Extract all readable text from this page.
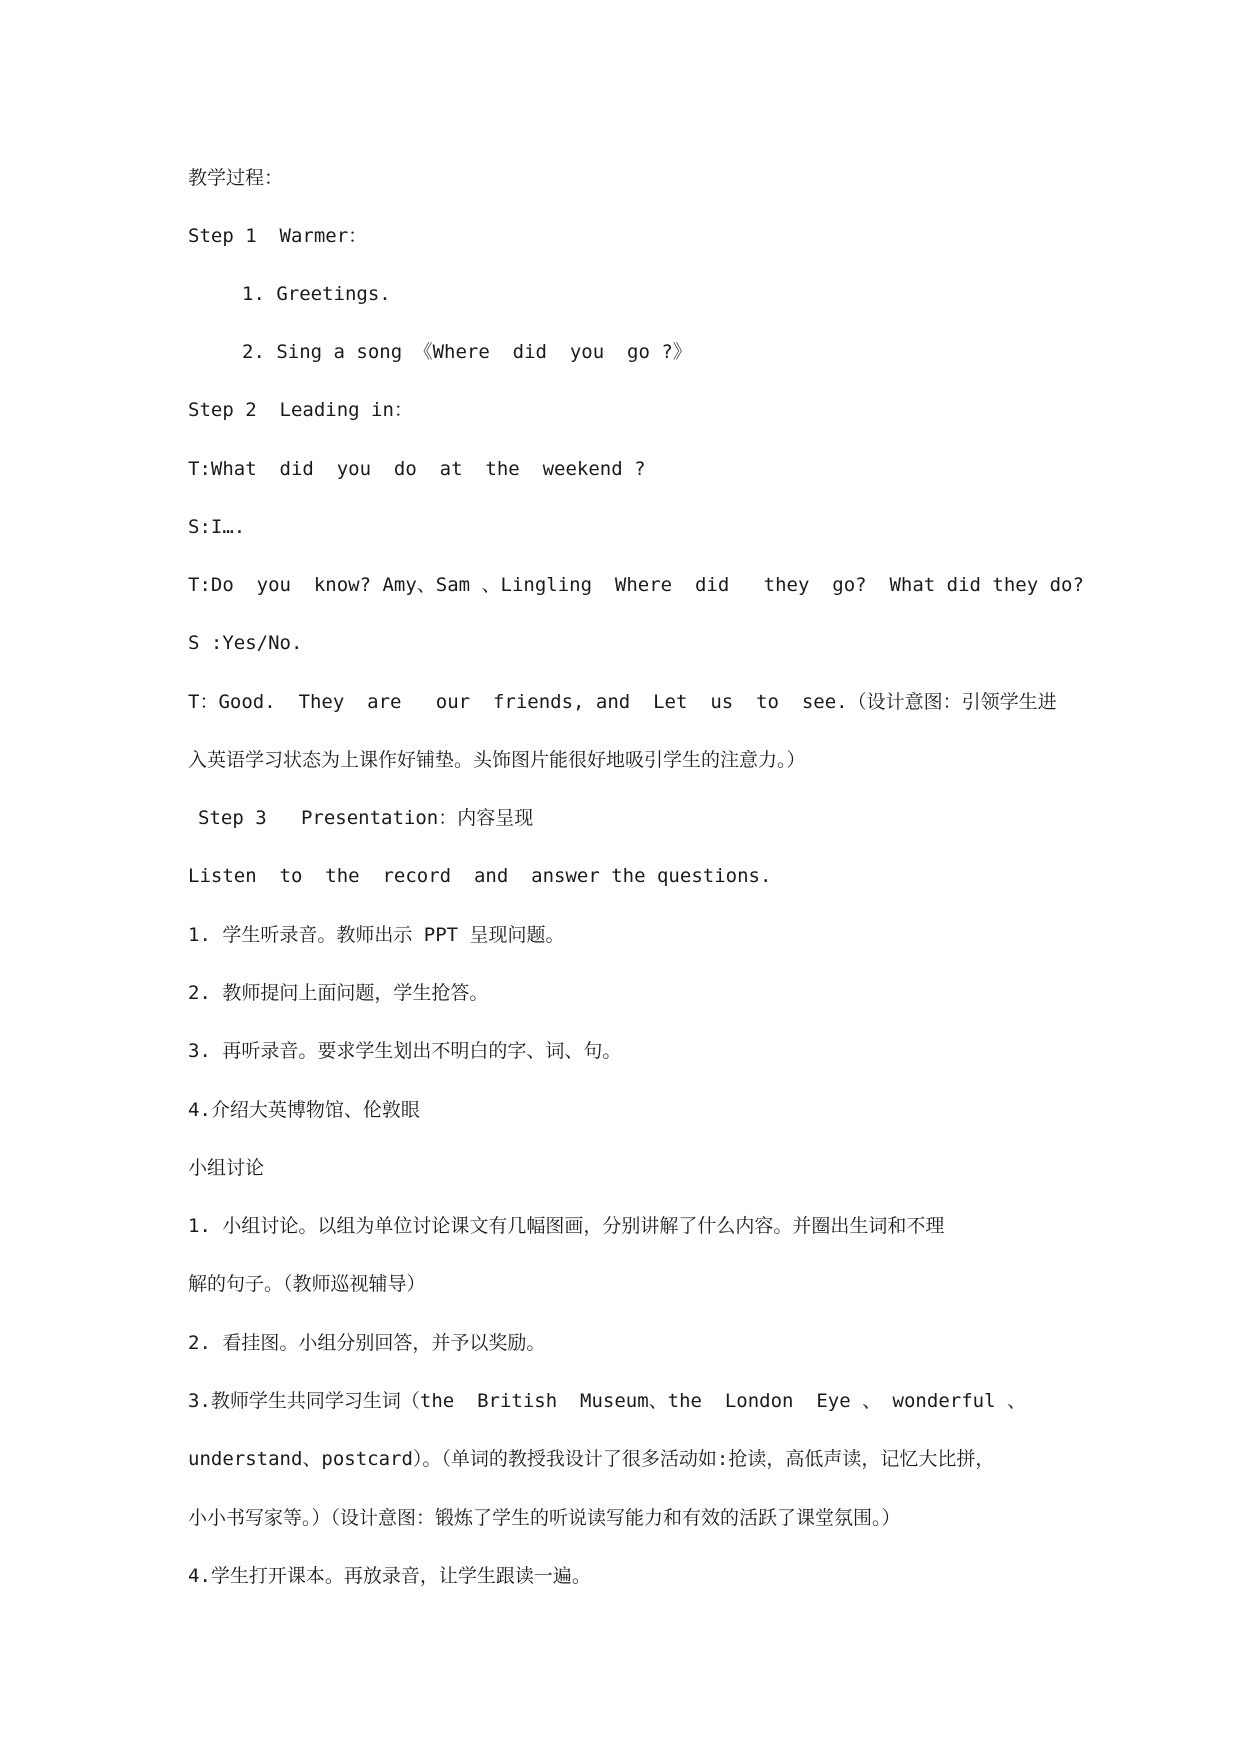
教学过程：
Step 1  Warmer：
1. Greetings.
2. Sing a song 《Where  did  you  go ?》
Step 2  Leading in：
T:What  did  you  do  at  the  weekend ?
S:I….
T:Do  you  know? Amy、Sam 、Lingling  Where  did   they  go?  What did they do?
S :Yes/No.
T：Good.  They  are   our  friends, and  Let  us  to  see.（设计意图：引领学生进
入英语学习状态为上课作好铺垫。头饰图片能很好地吸引学生的注意力。）
Step 3   Presentation：内容呈现
Listen  to  the  record  and  answer the questions.
1. 学生听录音。教师出示 PPT 呈现问题。
2. 教师提问上面问题，学生抢答。
3. 再听录音。要求学生划出不明白的字、词、句。
4.介绍大英博物馆、伦敦眼
小组讨论
1. 小组讨论。以组为单位讨论课文有几幅图画，分别讲解了什么内容。并圈出生词和不理
解的句子。（教师巡视辅导）
2. 看挂图。小组分别回答，并予以奖励。
3.教师学生共同学习生词（the  British  Museum、the  London  Eye 、 wonderful 、
understand、postcard）。（单词的教授我设计了很多活动如:抢读，高低声读，记忆大比拼，
小小书写家等。）（设计意图：锻炼了学生的听说读写能力和有效的活跃了课堂氛围。）
4.学生打开课本。再放录音，让学生跟读一遍。
